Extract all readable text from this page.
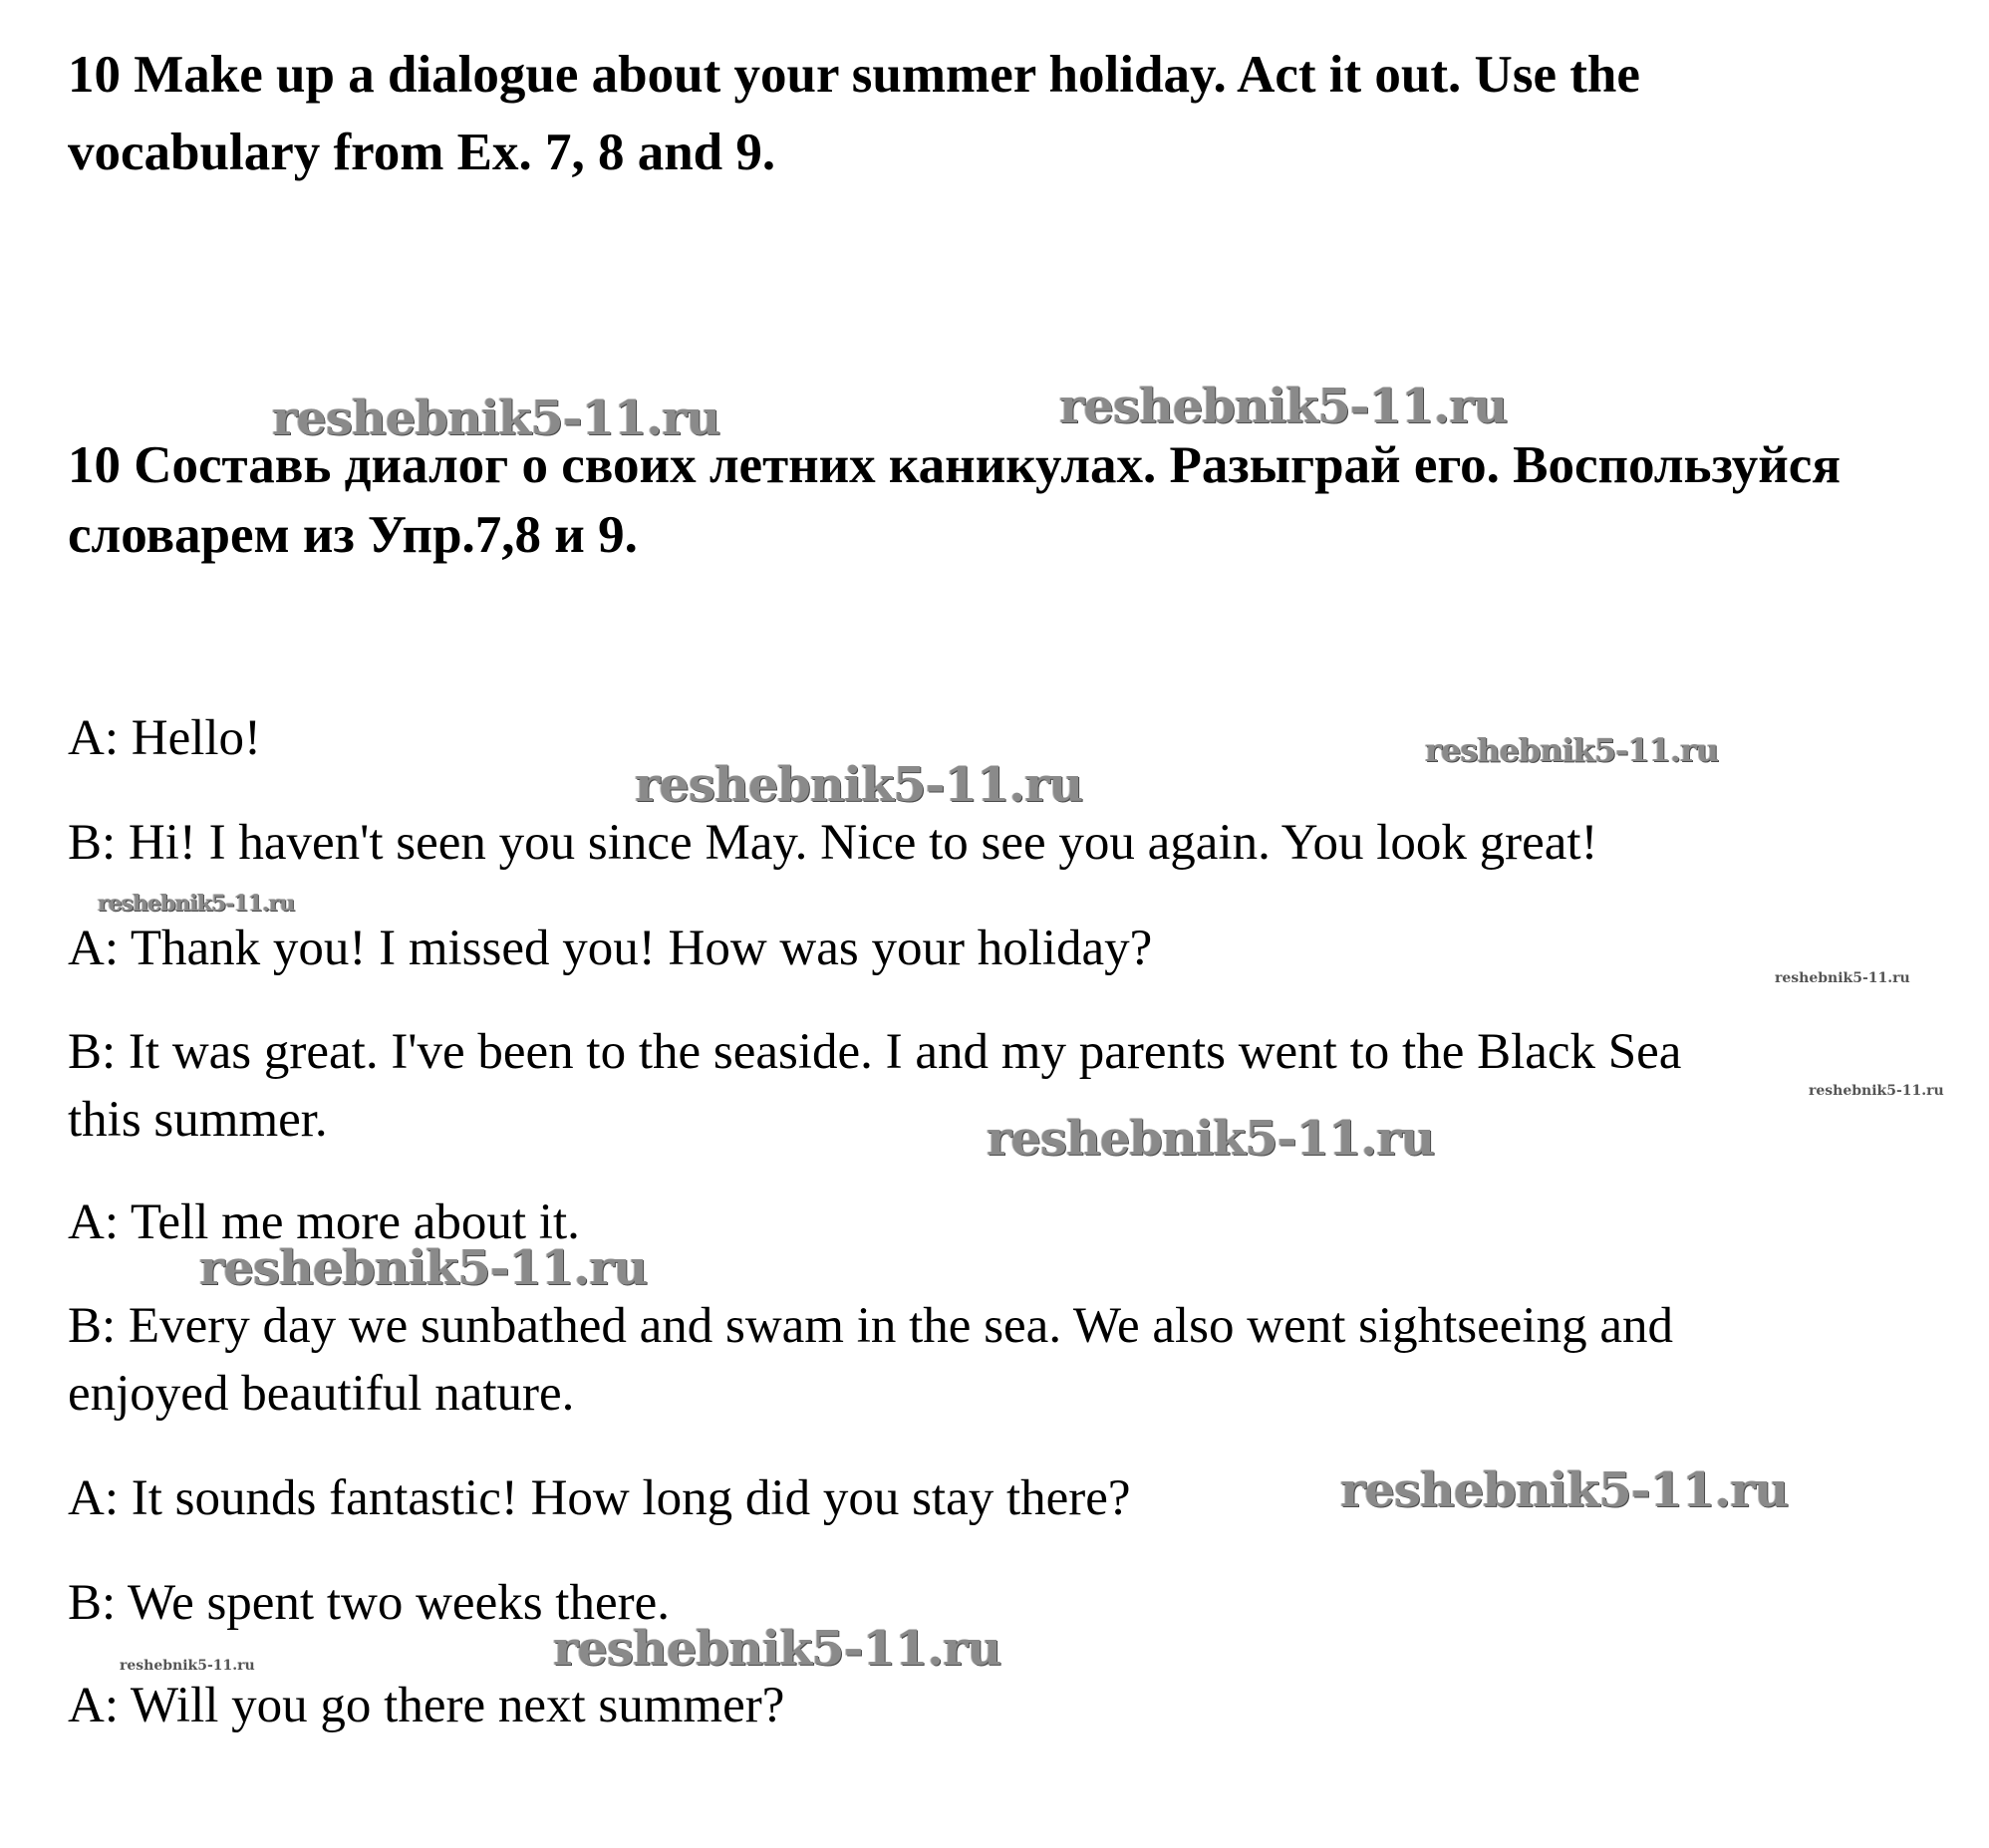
10 Make up a dialogue about your summer holiday. Act it out. Use the vocabulary from Ex. 7, 8 and 9.

10 Составь диалог о своих летних каникулах. Разыграй его. Воспользуйся словарем из Упр.7,8 и 9.

A: Hello!

B: Hi! I haven't seen you since May. Nice to see you again. You look great!

A: Thank you! I missed you! How was your holiday?

B: It was great. I've been to the seaside. I and my parents went to the Black Sea

this summer.

A: Tell me more about it.

B: Every day we sunbathed and swam in the sea. We also went sightseeing and

enjoyed beautiful nature.

A: It sounds fantastic! How long did you stay there?

B: We spent two weeks there.

A: Will you go there next summer?

reshebnik5-11.ru	reshebnik5-11.ru
reshebnik5-11.ru
reshebnik5-11.ru
reshebnik5-11.ru
reshebnik5-11.ru
reshebnik5-11.ru
reshebnik5-11.ru
reshebnik5-11.ru
reshebnik5-11.ru
reshebnik5-11.ru
reshebnik5-11.ru
